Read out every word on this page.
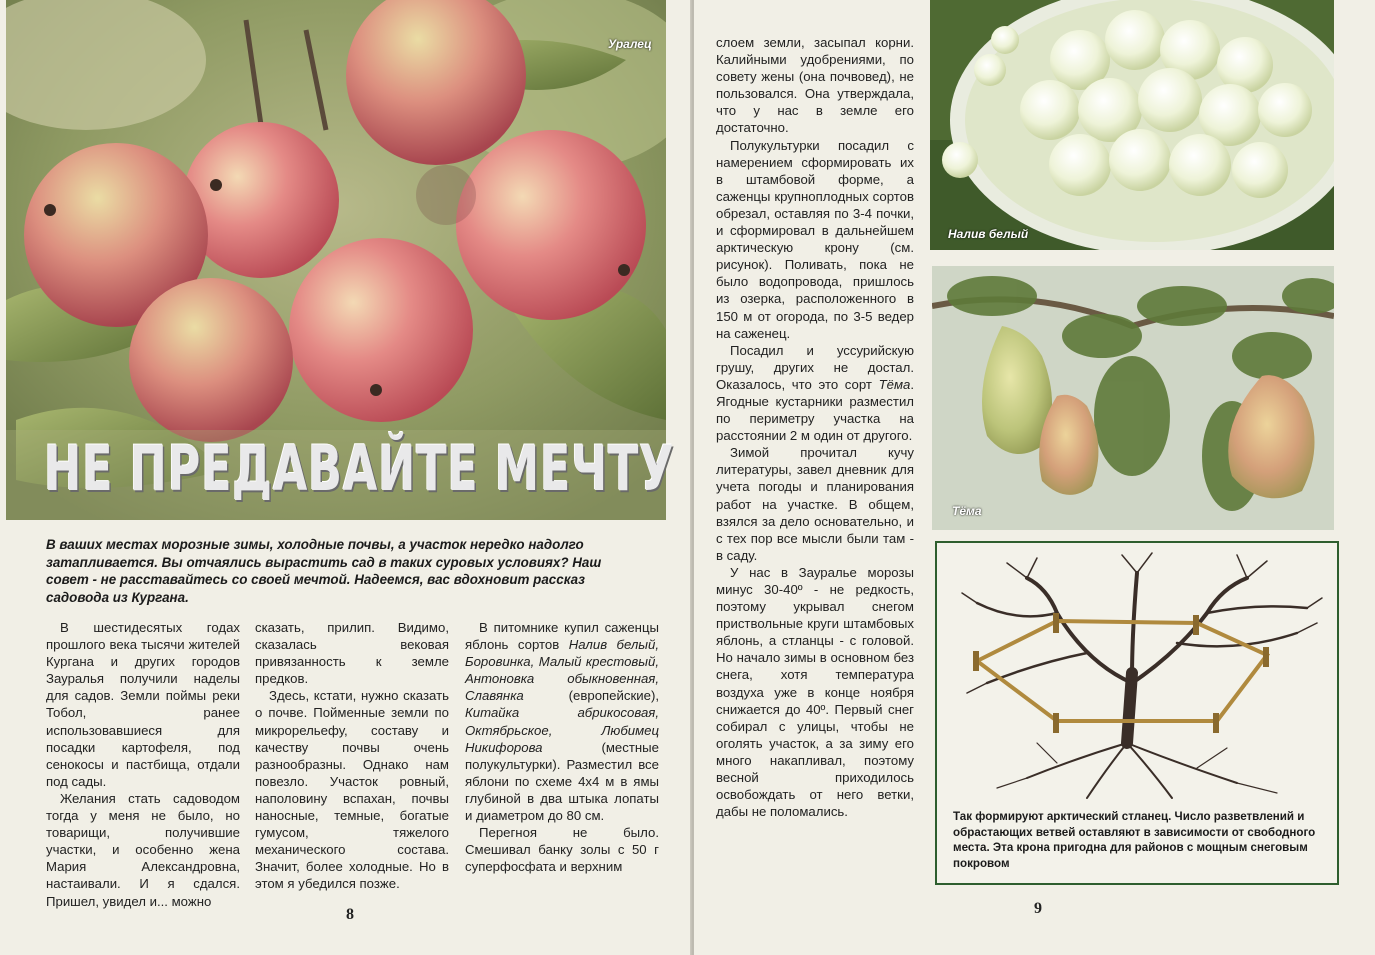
Уралец
НЕ ПРЕДАВАЙТЕ МЕЧТУ
В ваших местах морозные зимы, холодные почвы, а участок нередко надолго затапливается. Вы отчаялись вырастить сад в таких суровых условиях? Наш совет - не расставайтесь со своей мечтой. Надеемся, вас вдохновит рассказ садовода из Кургана.

В шестидесятых годах прошлого века тысячи жителей Кургана и других городов Зауралья получили наделы для садов. Земли поймы реки Тобол, ранее использовавшиеся для посадки картофеля, под сенокосы и пастбища, отдали под сады.

Желания стать садоводом тогда у меня не было, но товарищи, получившие участки, и особенно жена Мария Александровна, настаивали. И я сдался. Пришел, увидел и... можно

сказать, прилип. Видимо, сказалась вековая привязанность к земле предков.

Здесь, кстати, нужно сказать о почве. Пойменные земли по микрорельефу, составу и качеству почвы очень разнообразны. Однако нам повезло. Участок ровный, наполовину вспахан, почвы наносные, темные, богатые гумусом, тяжелого механического состава. Значит, более холодные. Но в этом я убедился позже.

В питомнике купил саженцы яблонь сортов Налив белый, Боровинка, Малый крестовый, Антоновка обыкновенная, Славянка (европейские), Китайка абрикосовая, Октябрьское, Любимец Никифорова (местные полукультурки). Разместил все яблони по схеме 4x4 м в ямы глубиной в два штыка лопаты и диаметром до 80 см.

Перегноя не было. Смешивал банку золы с 50 г суперфосфата и верхним

8

слоем земли, засыпал корни. Калийными удобрениями, по совету жены (она почвовед), не пользовался. Она утверждала, что у нас в земле его достаточно.

Полукультурки посадил с намерением сформировать их в штамбовой форме, а саженцы крупноплодных сортов обрезал, оставляя по 3-4 почки, и сформировал в дальнейшем арктическую крону (см. рисунок). Поливать, пока не было водопровода, пришлось из озерка, расположенного в 150 м от огорода, по 3-5 ведер на саженец.

Посадил и уссурийскую грушу, других не достал. Оказалось, что это сорт Тёма. Ягодные кустарники разместил по периметру участка на расстоянии 2 м один от другого.

Зимой прочитал кучу литературы, завел дневник для учета погоды и планирования работ на участке. В общем, взялся за дело основательно, и с тех пор все мысли были там - в саду.

У нас в Зауралье морозы минус 30-40º - не редкость, поэтому укрывал снегом приствольные круги штамбовых яблонь, а стланцы - с головой. Но начало зимы в основном без снега, хотя температура воздуха уже в конце ноября снижается до 40º. Первый снег собирал с улицы, чтобы не оголять участок, а за зиму его много накапливал, поэтому весной приходилось освобождать от него ветки, дабы не поломались.

9
Налив белый
Тёма
Так формируют арктический стланец. Число разветвлений и обрастающих ветвей оставляют в зависимости от свободного места. Эта крона пригодна для районов с мощным снеговым покровом
